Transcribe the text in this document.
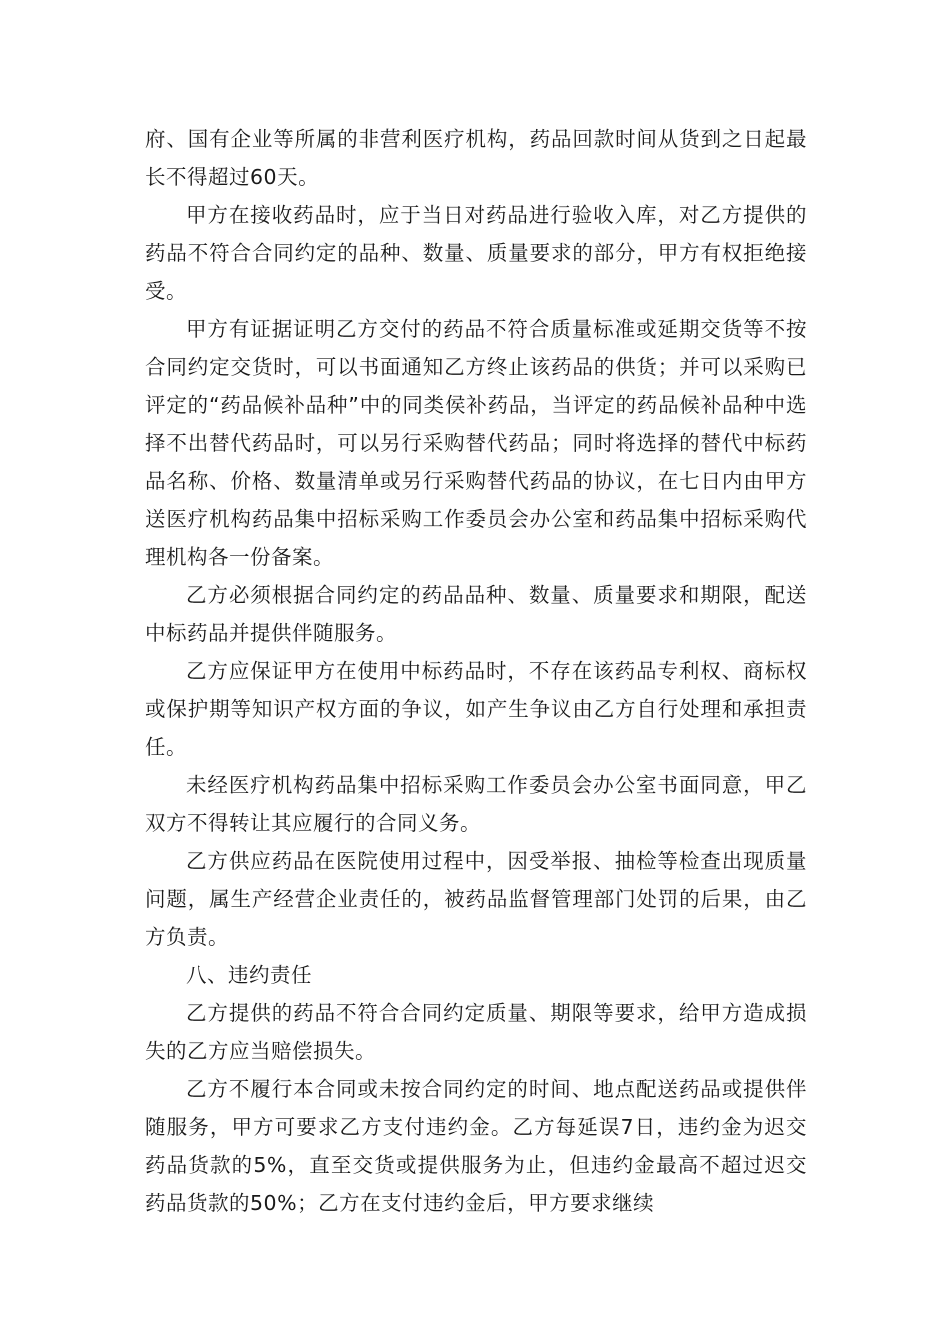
府、国有企业等所属的非营利医疗机构，药品回款时间从货到之日起最长不得超过60天。

甲方在接收药品时，应于当日对药品进行验收入库，对乙方提供的药品不符合合同约定的品种、数量、质量要求的部分，甲方有权拒绝接受。

甲方有证据证明乙方交付的药品不符合质量标准或延期交货等不按合同约定交货时，可以书面通知乙方终止该药品的供货；并可以采购已评定的“药品候补品种”中的同类侯补药品，当评定的药品候补品种中选择不出替代药品时，可以另行采购替代药品；同时将选择的替代中标药品名称、价格、数量清单或另行采购替代药品的协议，在七日内由甲方送医疗机构药品集中招标采购工作委员会办公室和药品集中招标采购代理机构各一份备案。

乙方必须根据合同约定的药品品种、数量、质量要求和期限，配送中标药品并提供伴随服务。

乙方应保证甲方在使用中标药品时，不存在该药品专利权、商标权或保护期等知识产权方面的争议，如产生争议由乙方自行处理和承担责任。

未经医疗机构药品集中招标采购工作委员会办公室书面同意，甲乙双方不得转让其应履行的合同义务。

乙方供应药品在医院使用过程中，因受举报、抽检等检查出现质量问题，属生产经营企业责任的，被药品监督管理部门处罚的后果，由乙方负责。

八、违约责任

乙方提供的药品不符合合同约定质量、期限等要求，给甲方造成损失的乙方应当赔偿损失。

乙方不履行本合同或未按合同约定的时间、地点配送药品或提供伴随服务，甲方可要求乙方支付违约金。乙方每延误7日，违约金为迟交药品货款的5%，直至交货或提供服务为止，但违约金最高不超过迟交药品货款的50%；乙方在支付违约金后，甲方要求继续
